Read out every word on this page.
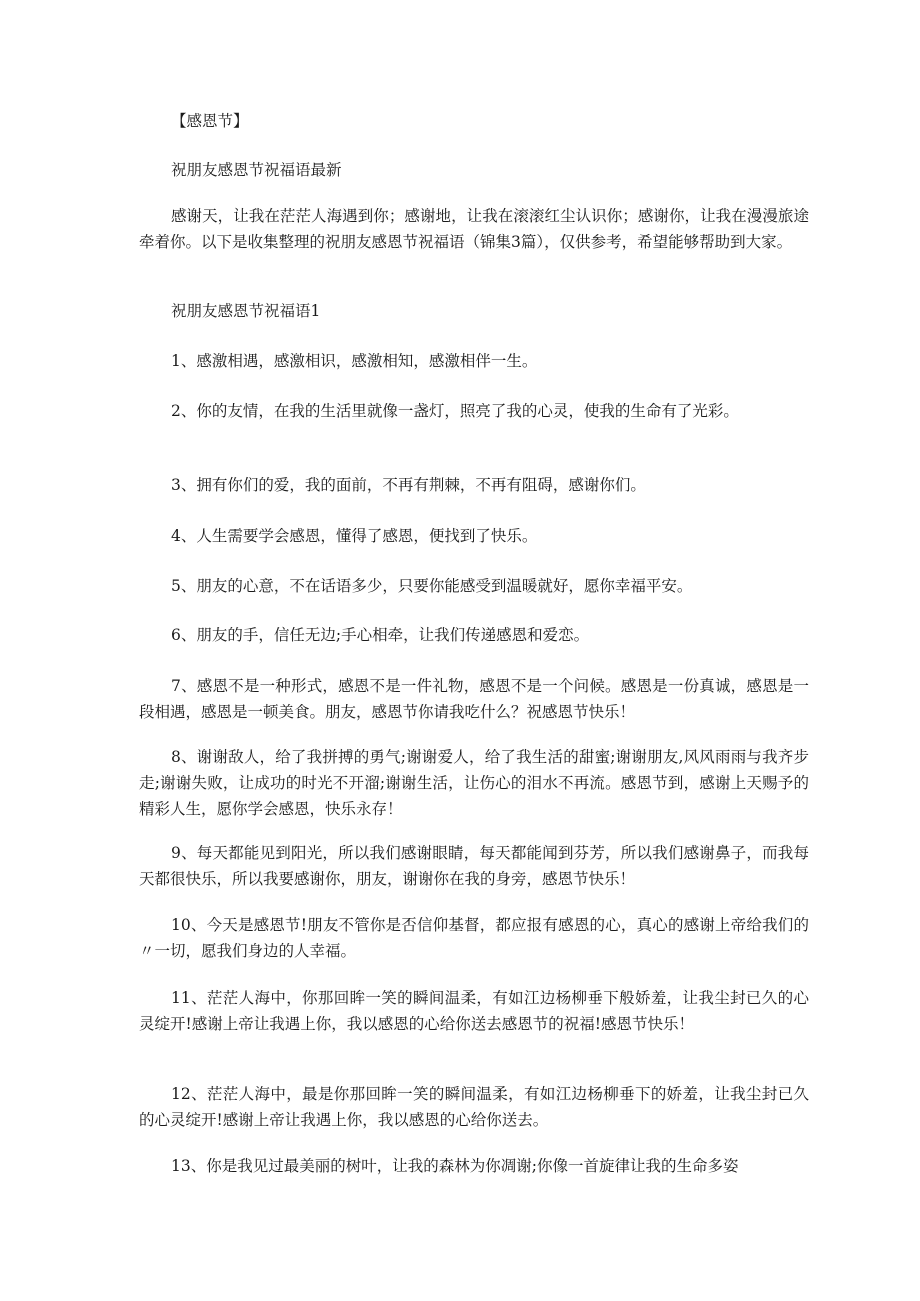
【感恩节】

祝朋友感恩节祝福语最新

感谢天，让我在茫茫人海遇到你；感谢地，让我在滚滚红尘认识你；感谢你，让我在漫漫旅途牵着你。以下是收集整理的祝朋友感恩节祝福语（锦集3篇），仅供参考，希望能够帮助到大家。

祝朋友感恩节祝福语1

1、感激相遇，感激相识，感激相知，感激相伴一生。

2、你的友情，在我的生活里就像一盏灯，照亮了我的心灵，使我的生命有了光彩。

3、拥有你们的爱，我的面前，不再有荆棘，不再有阻碍，感谢你们。

4、人生需要学会感恩，懂得了感恩，便找到了快乐。

5、朋友的心意，不在话语多少，只要你能感受到温暖就好，愿你幸福平安。

6、朋友的手，信任无边;手心相牵，让我们传递感恩和爱恋。

7、感恩不是一种形式，感恩不是一件礼物，感恩不是一个问候。感恩是一份真诚，感恩是一段相遇，感恩是一顿美食。朋友，感恩节你请我吃什么？祝感恩节快乐！

8、谢谢敌人，给了我拼搏的勇气;谢谢爱人，给了我生活的甜蜜;谢谢朋友,风风雨雨与我齐步走;谢谢失败，让成功的时光不开溜;谢谢生活，让伤心的泪水不再流。感恩节到，感谢上天赐予的精彩人生，愿你学会感恩，快乐永存！

9、每天都能见到阳光，所以我们感谢眼睛，每天都能闻到芬芳，所以我们感谢鼻子，而我每天都很快乐，所以我要感谢你，朋友，谢谢你在我的身旁，感恩节快乐！

10、今天是感恩节!朋友不管你是否信仰基督，都应报有感恩的心，真心的感谢上帝给我们的〃一切，愿我们身边的人幸福。

11、茫茫人海中，你那回眸一笑的瞬间温柔，有如江边杨柳垂下般娇羞，让我尘封已久的心灵绽开!感谢上帝让我遇上你，我以感恩的心给你送去感恩节的祝福!感恩节快乐！

12、茫茫人海中，最是你那回眸一笑的瞬间温柔，有如江边杨柳垂下的娇羞，让我尘封已久的心灵绽开!感谢上帝让我遇上你，我以感恩的心给你送去。

13、你是我见过最美丽的树叶，让我的森林为你凋谢;你像一首旋律让我的生命多姿
